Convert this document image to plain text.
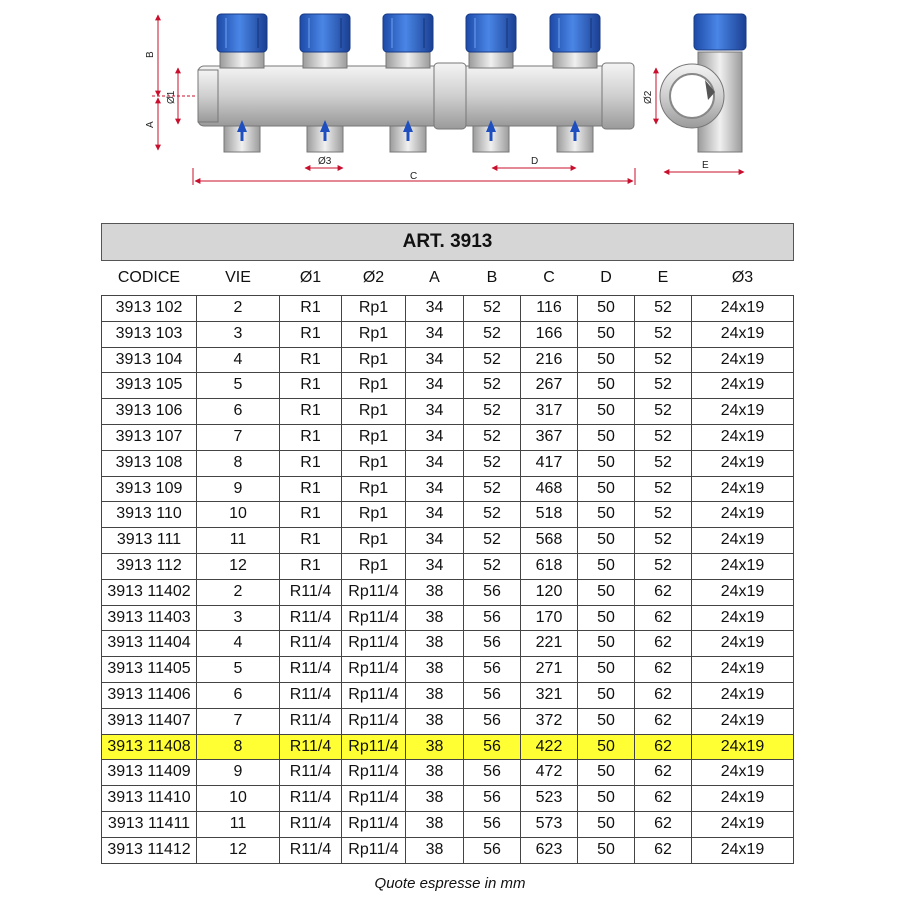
B
A
Ø1	Ø2
Ø3	D
C
E
ART. 3913									
CODICE	VIE	Ø1	Ø2	A	B	C	D	E	Ø3
3913 102	2	R1	Rp1	34	52	116	50	52	24x19
3913 103	3	R1	Rp1	34	52	166	50	52	24x19
3913 104	4	R1	Rp1	34	52	216	50	52	24x19
3913 105	5	R1	Rp1	34	52	267	50	52	24x19
3913 106	6	R1	Rp1	34	52	317	50	52	24x19
3913 107	7	R1	Rp1	34	52	367	50	52	24x19
3913 108	8	R1	Rp1	34	52	417	50	52	24x19
3913 109	9	R1	Rp1	34	52	468	50	52	24x19
3913 110	10	R1	Rp1	34	52	518	50	52	24x19
3913 111	11	R1	Rp1	34	52	568	50	52	24x19
3913 112	12	R1	Rp1	34	52	618	50	52	24x19
3913 11402	2	R11/4	Rp11/4	38	56	120	50	62	24x19
3913 11403	3	R11/4	Rp11/4	38	56	170	50	62	24x19
3913 11404	4	R11/4	Rp11/4	38	56	221	50	62	24x19
3913 11405	5	R11/4	Rp11/4	38	56	271	50	62	24x19
3913 11406	6	R11/4	Rp11/4	38	56	321	50	62	24x19
3913 11407	7	R11/4	Rp11/4	38	56	372	50	62	24x19
3913 11408	8	R11/4	Rp11/4	38	56	422	50	62	24x19
3913 11409	9	R11/4	Rp11/4	38	56	472	50	62	24x19
3913 11410	10	R11/4	Rp11/4	38	56	523	50	62	24x19
3913 11411	11	R11/4	Rp11/4	38	56	573	50	62	24x19
3913 11412	12	R11/4	Rp11/4	38	56	623	50	62	24x19
Quote espresse in mm
